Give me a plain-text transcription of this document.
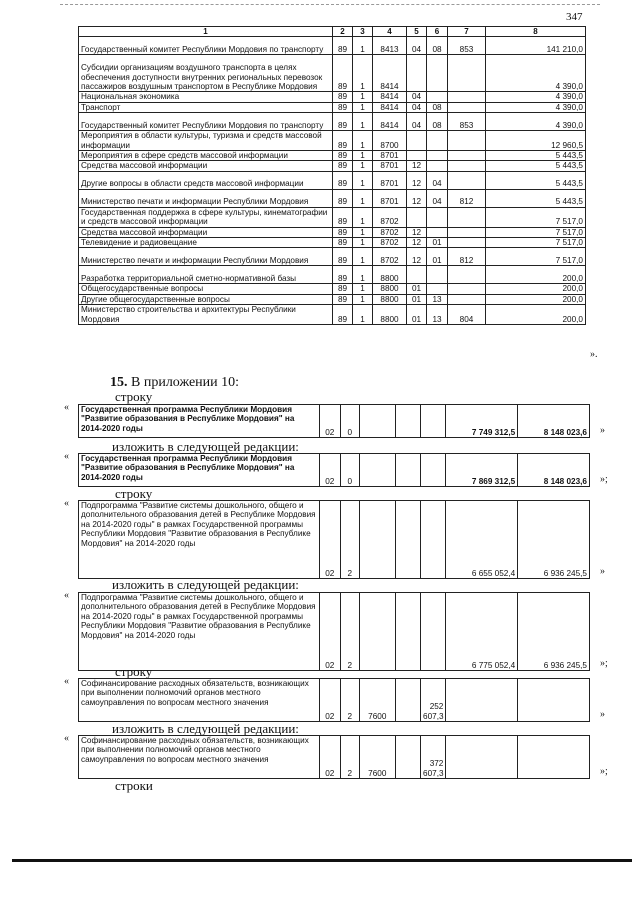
347
1	2	3	4	5	6	7	8
Государственный комитет Республики Мордовия по транспорту	89	1	8413	04	08	853	141 210,0
Субсидии организациям воздушного транспорта в целях обеспечения доступности внутренних региональных перевозок пассажиров воздушным транспортом в Республике Мордовия	89	1	8414				4 390,0
Национальная экономика	89	1	8414	04			4 390,0
Транспорт	89	1	8414	04	08		4 390,0
Государственный комитет Республики Мордовия по транспорту	89	1	8414	04	08	853	4 390,0
Мероприятия в области культуры, туризма и средств массовой информации	89	1	8700				12 960,5
Мероприятия в сфере средств массовой информации	89	1	8701				5 443,5
Средства массовой информации	89	1	8701	12			5 443,5
Другие вопросы в области средств массовой информации	89	1	8701	12	04		5 443,5
Министерство печати и информации Республики Мордовия	89	1	8701	12	04	812	5 443,5
Государственная поддержка в сфере культуры, кинематографии и средств массовой информации	89	1	8702				7 517,0
Средства массовой информации	89	1	8702	12			7 517,0
Телевидение и радиовещание	89	1	8702	12	01		7 517,0
Министерство печати и информации Республики Мордовия	89	1	8702	12	01	812	7 517,0
Разработка территориальной сметно-нормативной базы	89	1	8800				200,0
Общегосударственные вопросы	89	1	8800	01			200,0
Другие общегосударственные вопросы	89	1	8800	01	13		200,0
Министерство строительства и архитектуры Республики Мордовия	89	1	8800	01	13	804	200,0
».
15. В приложении 10:
строку
« Государственная программа Республики Мордовия "Развитие образования в Республике Мордовия" на 2014-2020 годы	02	0				7 749 312,5	8 148 023,6 »
изложить в следующей редакции:
« Государственная программа Республики Мордовия "Развитие образования в Республике Мордовия" на 2014-2020 годы	02	0				7 869 312,5	8 148 023,6 »;
строку
« Подпрограмма "Развитие системы дошкольного, общего и дополнительного образования детей в Республике Мордовия на 2014-2020 годы" в рамках Государственной программы Республики Мордовия "Развитие образования в Республике Мордовия" на 2014-2020 годы	02	2				6 655 052,4	6 936 245,5 »
изложить в следующей редакции:
« Подпрограмма "Развитие системы дошкольного, общего и дополнительного образования детей в Республике Мордовия на 2014-2020 годы" в рамках Государственной программы Республики Мордовия "Развитие образования в Республике Мордовия" на 2014-2020 годы	02	2				6 775 052,4	6 936 245,5 »;
строку
« Софинансирование расходных обязательств, возникающих при выполнении полномочий органов местного самоуправления по вопросам местного значения	02	2	7600		252 607,3			»
изложить в следующей редакции:
« Софинансирование расходных обязательств, возникающих при выполнении полномочий органов местного самоуправления по вопросам местного значения	02	2	7600		372 607,3			»;
строки
